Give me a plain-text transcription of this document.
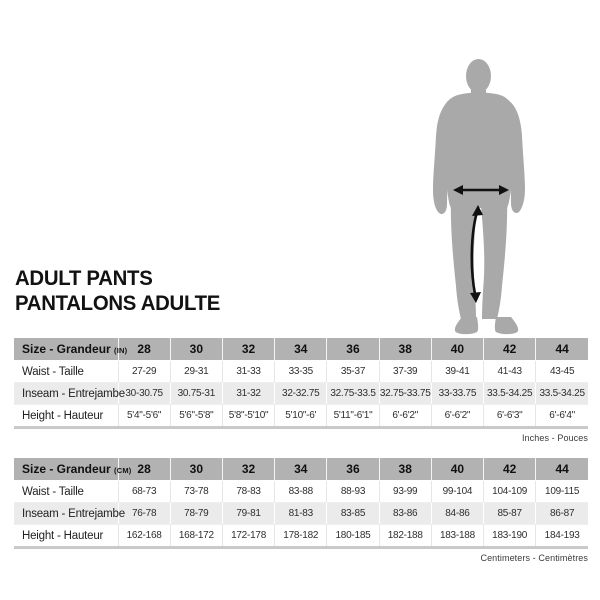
ADULT PANTS
PANTALONS ADULTE
Size - Grandeur (IN)	28	30	32	34	36	38	40	42	44
Waist - Taille	27-29	29-31	31-33	33-35	35-37	37-39	39-41	41-43	43-45
Inseam - Entrejambe	30-30.75	30.75-31	31-32	32-32.75	32.75-33.5	32.75-33.75	33-33.75	33.5-34.25	33.5-34.25
Height - Hauteur	5'4"-5'6"	5'6"-5'8"	5'8"-5'10"	5'10"-6'	5'11"-6'1"	6'-6'2"	6'-6'2"	6'-6'3"	6'-6'4"
Inches - Pouces
Size - Grandeur (CM)	28	30	32	34	36	38	40	42	44
Waist - Taille	68-73	73-78	78-83	83-88	88-93	93-99	99-104	104-109	109-115
Inseam - Entrejambe	76-78	78-79	79-81	81-83	83-85	83-86	84-86	85-87	86-87
Height - Hauteur	162-168	168-172	172-178	178-182	180-185	182-188	183-188	183-190	184-193
Centimeters - Centimètres
